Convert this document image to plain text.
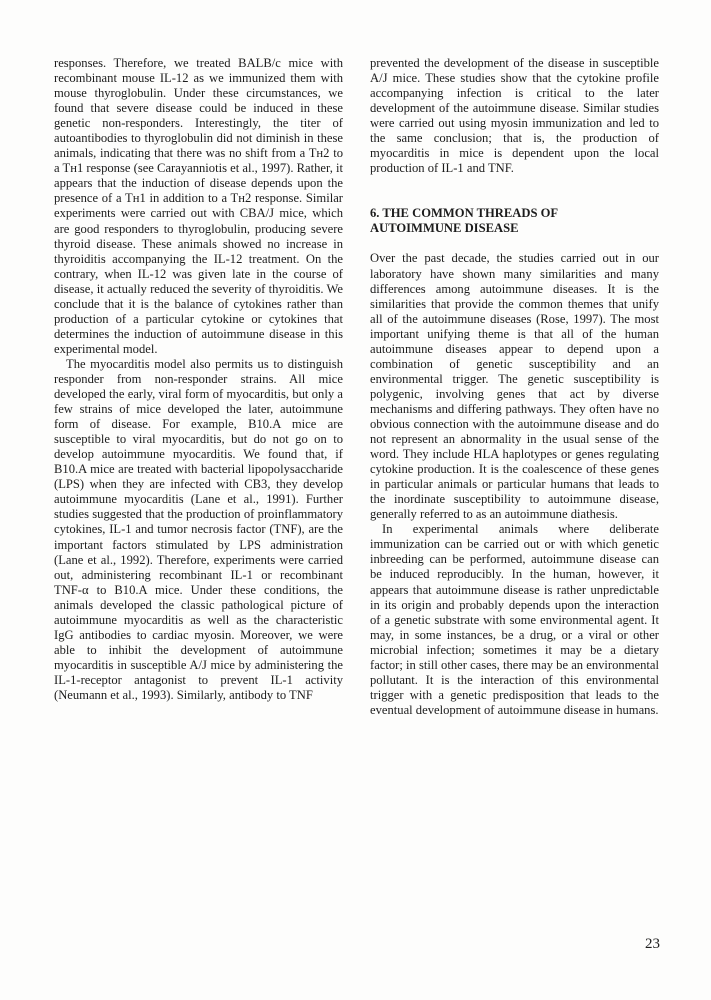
responses. Therefore, we treated BALB/c mice with recombinant mouse IL-12 as we immunized them with mouse thyroglobulin. Under these circumstances, we found that severe disease could be induced in these genetic non-responders. Interestingly, the titer of autoantibodies to thyroglobulin did not diminish in these animals, indicating that there was no shift from a Tʜ2 to a Tʜ1 response (see Carayanniotis et al., 1997). Rather, it appears that the induction of disease depends upon the presence of a Tʜ1 in addition to a Tʜ2 response. Similar experiments were carried out with CBA/J mice, which are good responders to thyroglobulin, producing severe thyroid disease. These animals showed no increase in thyroiditis accompanying the IL-12 treatment. On the contrary, when IL-12 was given late in the course of disease, it actually reduced the severity of thyroiditis. We conclude that it is the balance of cytokines rather than production of a particular cytokine or cytokines that determines the induction of autoimmune disease in this experimental model.

The myocarditis model also permits us to distinguish responder from non-responder strains. All mice developed the early, viral form of myocarditis, but only a few strains of mice developed the later, autoimmune form of disease. For example, B10.A mice are susceptible to viral myocarditis, but do not go on to develop autoimmune myocarditis. We found that, if B10.A mice are treated with bacterial lipopolysaccharide (LPS) when they are infected with CB3, they develop autoimmune myocarditis (Lane et al., 1991). Further studies suggested that the production of proinflammatory cytokines, IL-1 and tumor necrosis factor (TNF), are the important factors stimulated by LPS administration (Lane et al., 1992). Therefore, experiments were carried out, administering recombinant IL-1 or recombinant TNF-α to B10.A mice. Under these conditions, the animals developed the classic pathological picture of autoimmune myocarditis as well as the characteristic IgG antibodies to cardiac myosin. Moreover, we were able to inhibit the development of autoimmune myocarditis in susceptible A/J mice by administering the IL-1-receptor antagonist to prevent IL-1 activity (Neumann et al., 1993). Similarly, antibody to TNF

prevented the development of the disease in susceptible A/J mice. These studies show that the cytokine profile accompanying infection is critical to the later development of the autoimmune disease. Similar studies were carried out using myosin immunization and led to the same conclusion; that is, the production of myocarditis in mice is dependent upon the local production of IL-1 and TNF.

6. THE COMMON THREADS OF
AUTOIMMUNE DISEASE

Over the past decade, the studies carried out in our laboratory have shown many similarities and many differences among autoimmune diseases. It is the similarities that provide the common themes that unify all of the autoimmune diseases (Rose, 1997). The most important unifying theme is that all of the human autoimmune diseases appear to depend upon a combination of genetic susceptibility and an environmental trigger. The genetic susceptibility is polygenic, involving genes that act by diverse mechanisms and differing pathways. They often have no obvious connection with the autoimmune disease and do not represent an abnormality in the usual sense of the word. They include HLA haplotypes or genes regulating cytokine production. It is the coalescence of these genes in particular animals or particular humans that leads to the inordinate susceptibility to autoimmune disease, generally referred to as an autoimmune diathesis.

In experimental animals where deliberate immunization can be carried out or with which genetic inbreeding can be performed, autoimmune disease can be induced reproducibly. In the human, however, it appears that autoimmune disease is rather unpredictable in its origin and probably depends upon the interaction of a genetic substrate with some environmental agent. It may, in some instances, be a drug, or a viral or other microbial infection; sometimes it may be a dietary factor; in still other cases, there may be an environmental pollutant. It is the interaction of this environmental trigger with a genetic predisposition that leads to the eventual development of autoimmune disease in humans.

23
